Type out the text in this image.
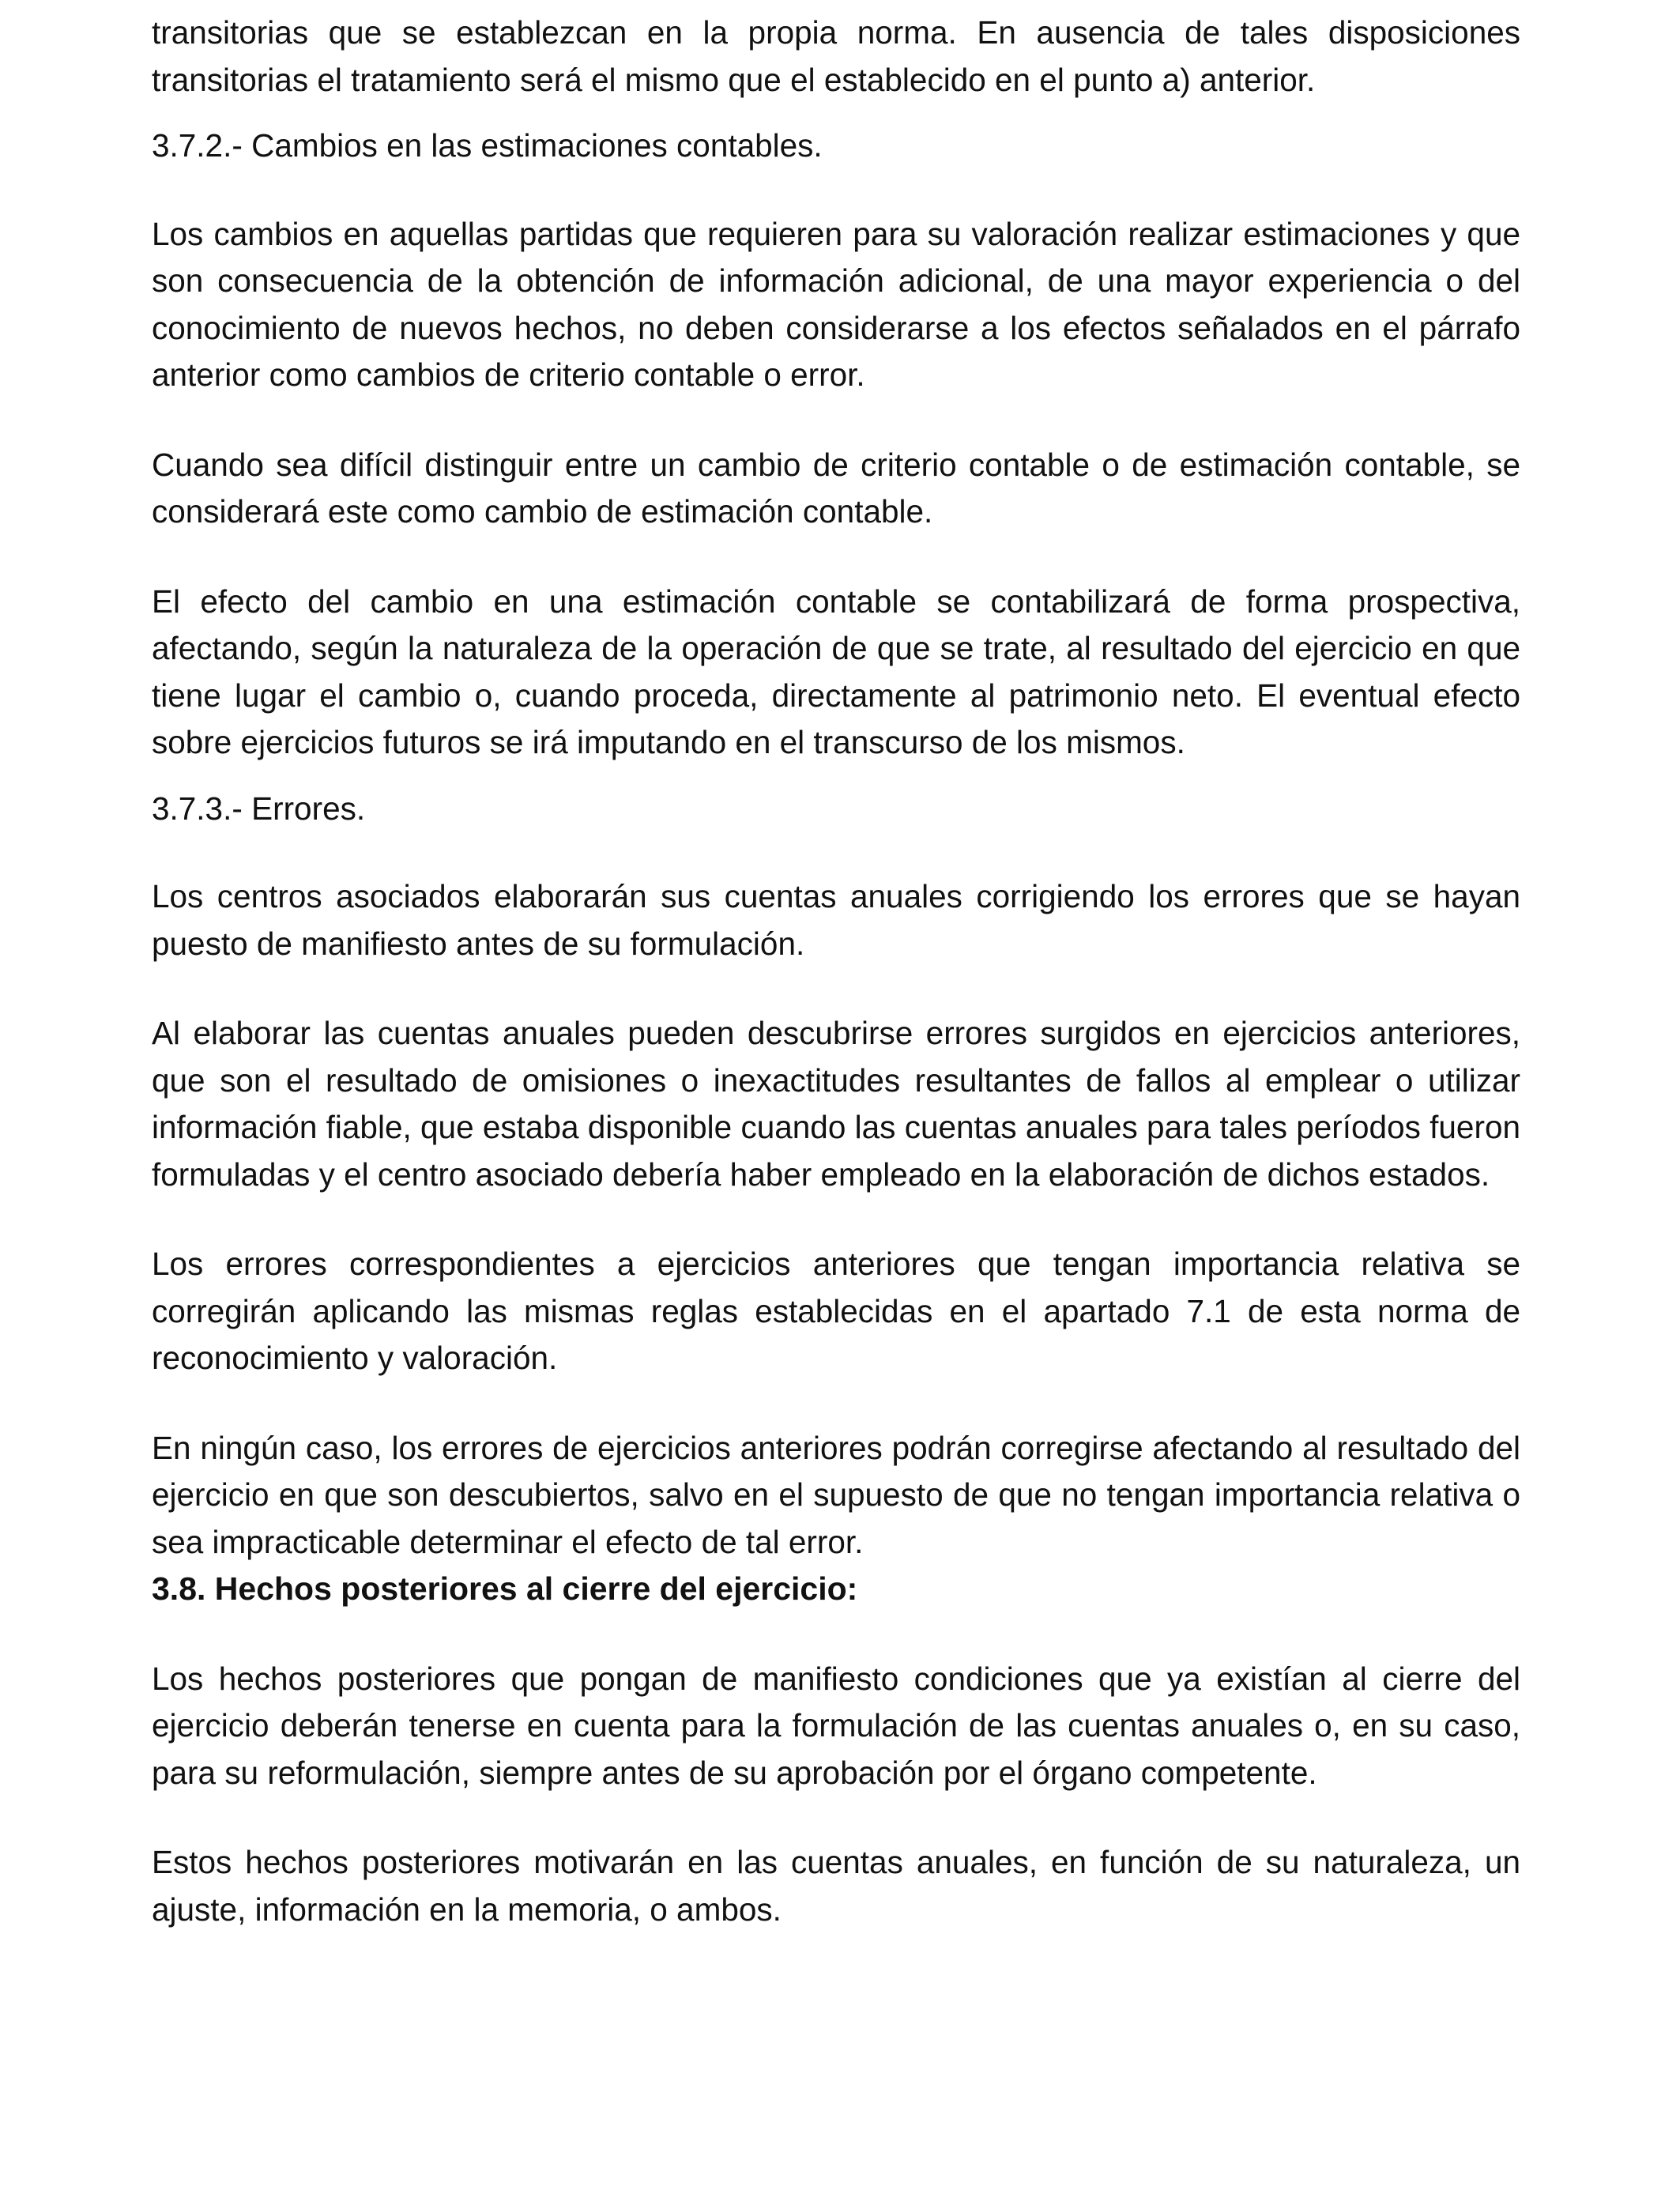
transitorias que se establezcan en la propia norma. En ausencia de tales disposiciones transitorias el tratamiento será el mismo que el establecido en el punto a) anterior.

3.7.2.- Cambios en las estimaciones contables.

Los cambios en aquellas partidas que requieren para su valoración realizar estimaciones y que son consecuencia de la obtención de información adicional, de una mayor experiencia o del conocimiento de nuevos hechos, no deben considerarse a los efectos señalados en el párrafo anterior como cambios de criterio contable o error.

Cuando sea difícil distinguir entre un cambio de criterio contable o de estimación contable, se considerará este como cambio de estimación contable.

El efecto del cambio en una estimación contable se contabilizará de forma prospectiva, afectando, según la naturaleza de la operación de que se trate, al resultado del ejercicio en que tiene lugar el cambio o, cuando proceda, directamente al patrimonio neto. El eventual efecto sobre ejercicios futuros se irá imputando en el transcurso de los mismos.

3.7.3.- Errores.

Los centros asociados elaborarán sus cuentas anuales corrigiendo los errores que se hayan puesto de manifiesto antes de su formulación.

Al elaborar las cuentas anuales pueden descubrirse errores surgidos en ejercicios anteriores, que son el resultado de omisiones o inexactitudes resultantes de fallos al emplear o utilizar información fiable, que estaba disponible cuando las cuentas anuales para tales períodos fueron formuladas y el centro asociado debería haber empleado en la elaboración de dichos estados.

Los errores correspondientes a ejercicios anteriores que tengan importancia relativa se corregirán aplicando las mismas reglas establecidas en el apartado 7.1 de esta norma de reconocimiento y valoración.

En ningún caso, los errores de ejercicios anteriores podrán corregirse afectando al resultado del ejercicio en que son descubiertos, salvo en el supuesto de que no tengan importancia relativa o sea impracticable determinar el efecto de tal error.

3.8. Hechos posteriores al cierre del ejercicio:

Los hechos posteriores que pongan de manifiesto condiciones que ya existían al cierre del ejercicio deberán tenerse en cuenta para la formulación de las cuentas anuales o, en su caso, para su reformulación, siempre antes de su aprobación por el órgano competente.

Estos hechos posteriores motivarán en las cuentas anuales, en función de su naturaleza, un ajuste, información en la memoria, o ambos.
